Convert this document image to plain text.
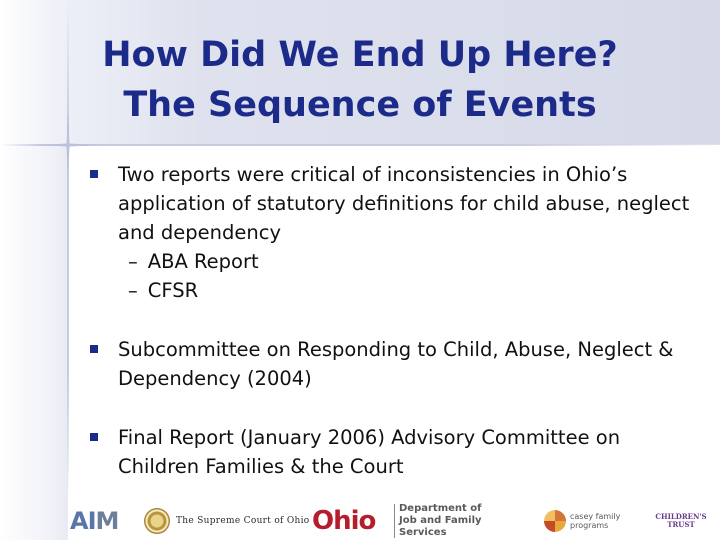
How Did We End Up Here?
The Sequence of Events
Two reports were critical of inconsistencies in Ohio’s application of statutory definitions for child abuse, neglect and dependency
– ABA Report
– CFSR
Subcommittee on Responding to Child, Abuse, Neglect & Dependency (2004)
Final Report (January 2006) Advisory Committee on Children Families & the Court
AIM	The Supreme Court of Ohio Ohio Department of
Job and Family Services
casey family programs
CHILDREN'S
TRUST
